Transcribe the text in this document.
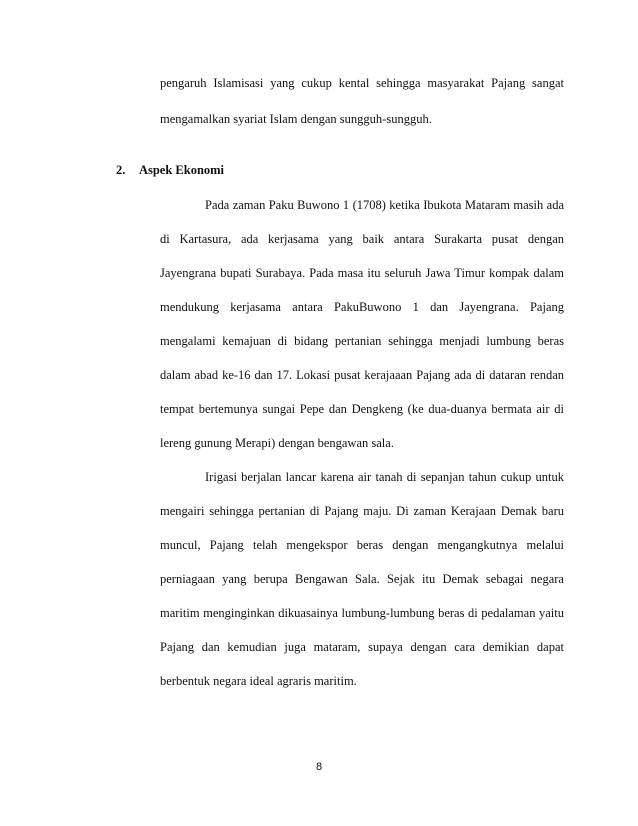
pengaruh Islamisasi yang cukup kental sehingga masyarakat Pajang sangat
mengamalkan syariat Islam dengan sungguh-sungguh.
2. Aspek Ekonomi
Pada zaman Paku Buwono 1 (1708) ketika Ibukota Mataram masih ada
di Kartasura, ada kerjasama yang baik antara Surakarta pusat dengan
Jayengrana bupati Surabaya. Pada masa itu seluruh Jawa Timur kompak dalam
mendukung kerjasama antara PakuBuwono 1 dan Jayengrana. Pajang
mengalami kemajuan di bidang pertanian sehingga menjadi lumbung beras
dalam abad ke-16 dan 17. Lokasi pusat kerajaaan Pajang ada di dataran rendan
tempat bertemunya sungai Pepe dan Dengkeng (ke dua-duanya bermata air di
lereng gunung Merapi) dengan bengawan sala.
Irigasi berjalan lancar karena air tanah di sepanjan tahun cukup untuk
mengairi sehingga pertanian di Pajang maju. Di zaman Kerajaan Demak baru
muncul, Pajang telah mengekspor beras dengan mengangkutnya melalui
perniagaan yang berupa Bengawan Sala. Sejak itu Demak sebagai negara
maritim menginginkan dikuasainya lumbung-lumbung beras di pedalaman yaitu
Pajang dan kemudian juga mataram, supaya dengan cara demikian dapat
berbentuk negara ideal agraris maritim.
8
